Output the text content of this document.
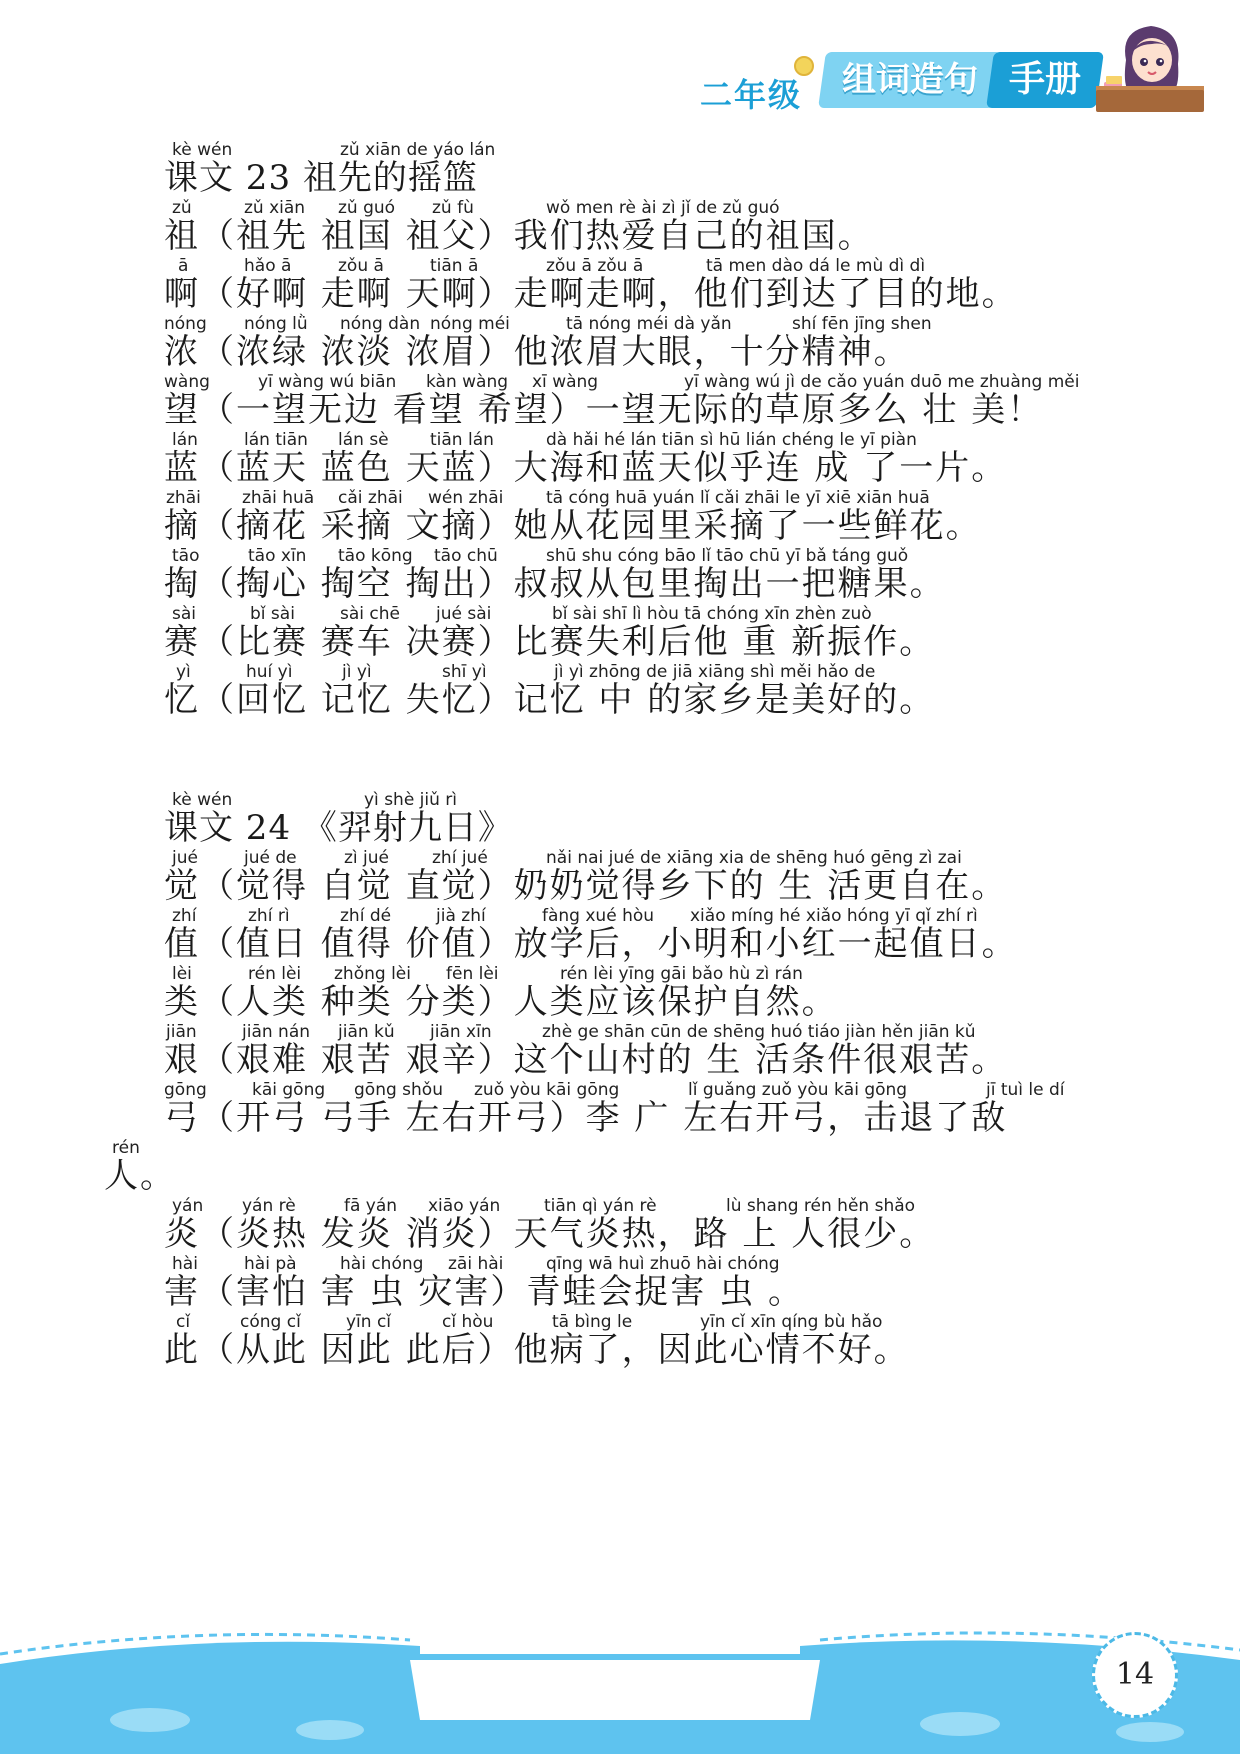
二年级	组词造句 手册
kè wén	zǔ xiān de yáo lán
课文 23 祖先的摇篮
zǔ	zǔ xiān zǔ guó zǔ fù	wǒ men rè ài zì jǐ de zǔ guó
祖（祖先 祖国 祖父）我们热爱自己的祖国。
ā	hǎo ā	zǒu ā	tiān ā	zǒu ā zǒu ā	tā men dào dá le mù dì dì
啊（好啊 走啊 天啊）走啊走啊，他们到达了目的地。
nóng nóng lǜ nóng dàn nóng méi	tā nóng méi dà yǎn	shí fēn jīng shen
浓（浓绿 浓淡 浓眉）他浓眉大眼，十分精神。
wàng	yī wàng wú biān kàn wàng xī wàng	yī wàng wú jì de cǎo yuán duō me zhuàng měi
望（一望无边 看望 希望）一望无际的草原多么 壮 美！
lán	lán tiān lán sè tiān lán	dà hǎi hé lán tiān sì hū lián chéng le yī piàn
蓝（蓝天 蓝色 天蓝）大海和蓝天似乎连 成 了一片。
zhāi zhāi huā cǎi zhāi wén zhāi	tā cóng huā yuán lǐ cǎi zhāi le yī xiē xiān huā
摘（摘花 采摘 文摘）她从花园里采摘了一些鲜花。
tāo	tāo xīn tāo kōng tāo chū	shū shu cóng bāo lǐ tāo chū yī bǎ táng guǒ
掏（掏心 掏空 掏出）叔叔从包里掏出一把糖果。
sài	bǐ sài	sài chē jué sài	bǐ sài shī lì hòu tā chóng xīn zhèn zuò
赛（比赛 赛车 决赛）比赛失利后他 重 新振作。
yì	huí yì	jì yì	shī yì	jì yì zhōng de jiā xiāng shì měi hǎo de
忆（回忆 记忆 失忆）记忆 中 的家乡是美好的。
kè wén	yì shè jiǔ rì
课文 24 《羿射九日》
jué	jué de	zì jué	zhí jué	nǎi nai jué de xiāng xia de shēng huó gēng zì zai
觉（觉得 自觉 直觉）奶奶觉得乡下的 生 活更自在。
zhí	zhí rì	zhí dé	jià zhí	fàng xué hòu xiǎo míng hé xiǎo hóng yī qǐ zhí rì
值（值日 值得 价值）放学后，小明和小红一起值日。
lèi	rén lèi zhǒng lèi fēn lèi	rén lèi yīng gāi bǎo hù zì rán
类（人类 种类 分类）人类应该保护自然。
jiān	jiān nán jiān kǔ jiān xīn	zhè ge shān cūn de shēng huó tiáo jiàn hěn jiān kǔ
艰（艰难 艰苦 艰辛）这个山村的 生 活条件很艰苦。
gōng	kāi gōng gōng shǒu zuǒ yòu kāi gōng	lǐ guǎng zuǒ yòu kāi gōng	jī tuì le dí
弓（开弓 弓手 左右开弓）李 广 左右开弓，击退了敌
rén
人。
yán yán rè	fā yán xiāo yán	tiān qì yán rè	lù shang rén hěn shǎo
炎（炎热 发炎 消炎）天气炎热，路 上 人很少。
hài	hài pà	hài chóng zāi hài	qīng wā huì zhuō hài chóng
害（害怕 害 虫 灾害）青蛙会捉害 虫 。
cǐ	cóng cǐ	yīn cǐ	cǐ hòu	tā bìng le	yīn cǐ xīn qíng bù hǎo
此（从此 因此 此后）他病了，因此心情不好。
14
